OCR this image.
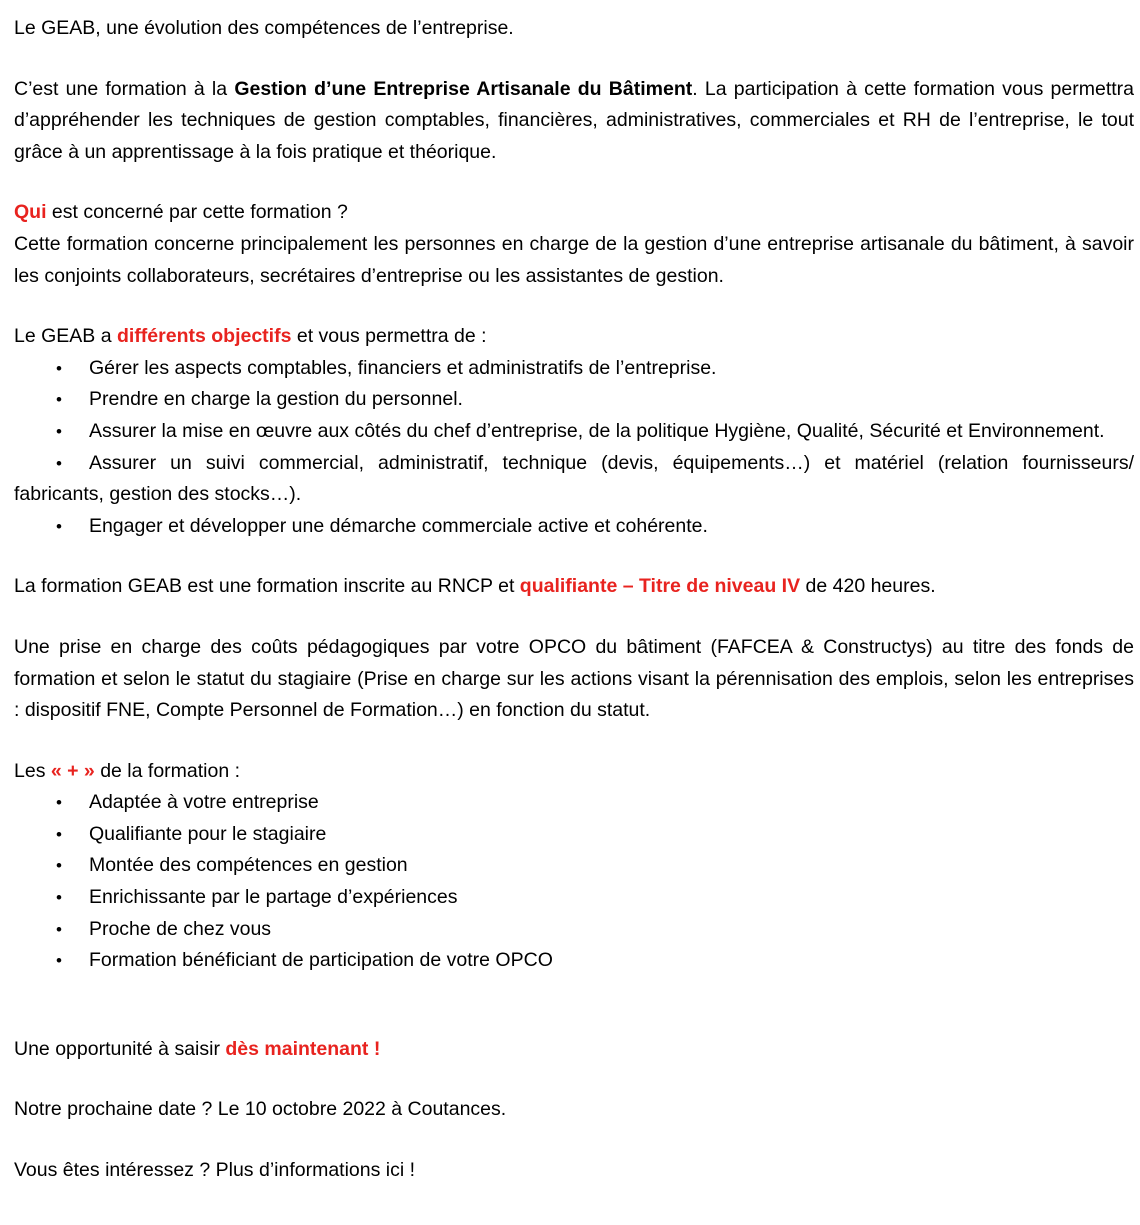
Le GEAB, une évolution des compétences de l’entreprise.

C’est une formation à la Gestion d’une Entreprise Artisanale du Bâtiment. La participation à cette formation vous permettra d’appréhender les techniques de gestion comptables, financières, administratives, commerciales et RH de l’entreprise, le tout grâce à un apprentissage à la fois pratique et théorique.

Qui est concerné par cette formation ?

Cette formation concerne principalement les personnes en charge de la gestion d’une entreprise artisanale du bâtiment, à savoir les conjoints collaborateurs, secrétaires d’entreprise ou les assistantes de gestion.

Le GEAB a différents objectifs et vous permettra de :

• Gérer les aspects comptables, financiers et administratifs de l’entreprise.

• Prendre en charge la gestion du personnel.

• Assurer la mise en œuvre aux côtés du chef d’entreprise, de la politique Hygiène, Qualité, Sécurité et Environnement.

• Assurer un suivi commercial, administratif, technique (devis, équipements…) et matériel (relation fournisseurs/ fabricants, gestion des stocks…).

• Engager et développer une démarche commerciale active et cohérente.

La formation GEAB est une formation inscrite au RNCP et qualifiante – Titre de niveau IV de 420 heures.

Une prise en charge des coûts pédagogiques par votre OPCO du bâtiment (FAFCEA & Constructys) au titre des fonds de formation et selon le statut du stagiaire (Prise en charge sur les actions visant la pérennisation des emplois, selon les entreprises : dispositif FNE, Compte Personnel de Formation…) en fonction du statut.

Les « + » de la formation :

• Adaptée à votre entreprise

• Qualifiante pour le stagiaire

• Montée des compétences en gestion

• Enrichissante par le partage d’expériences

• Proche de chez vous

• Formation bénéficiant de participation de votre OPCO

Une opportunité à saisir dès maintenant !

Notre prochaine date ? Le 10 octobre 2022 à Coutances.

Vous êtes intéressez ? Plus d’informations ici !
